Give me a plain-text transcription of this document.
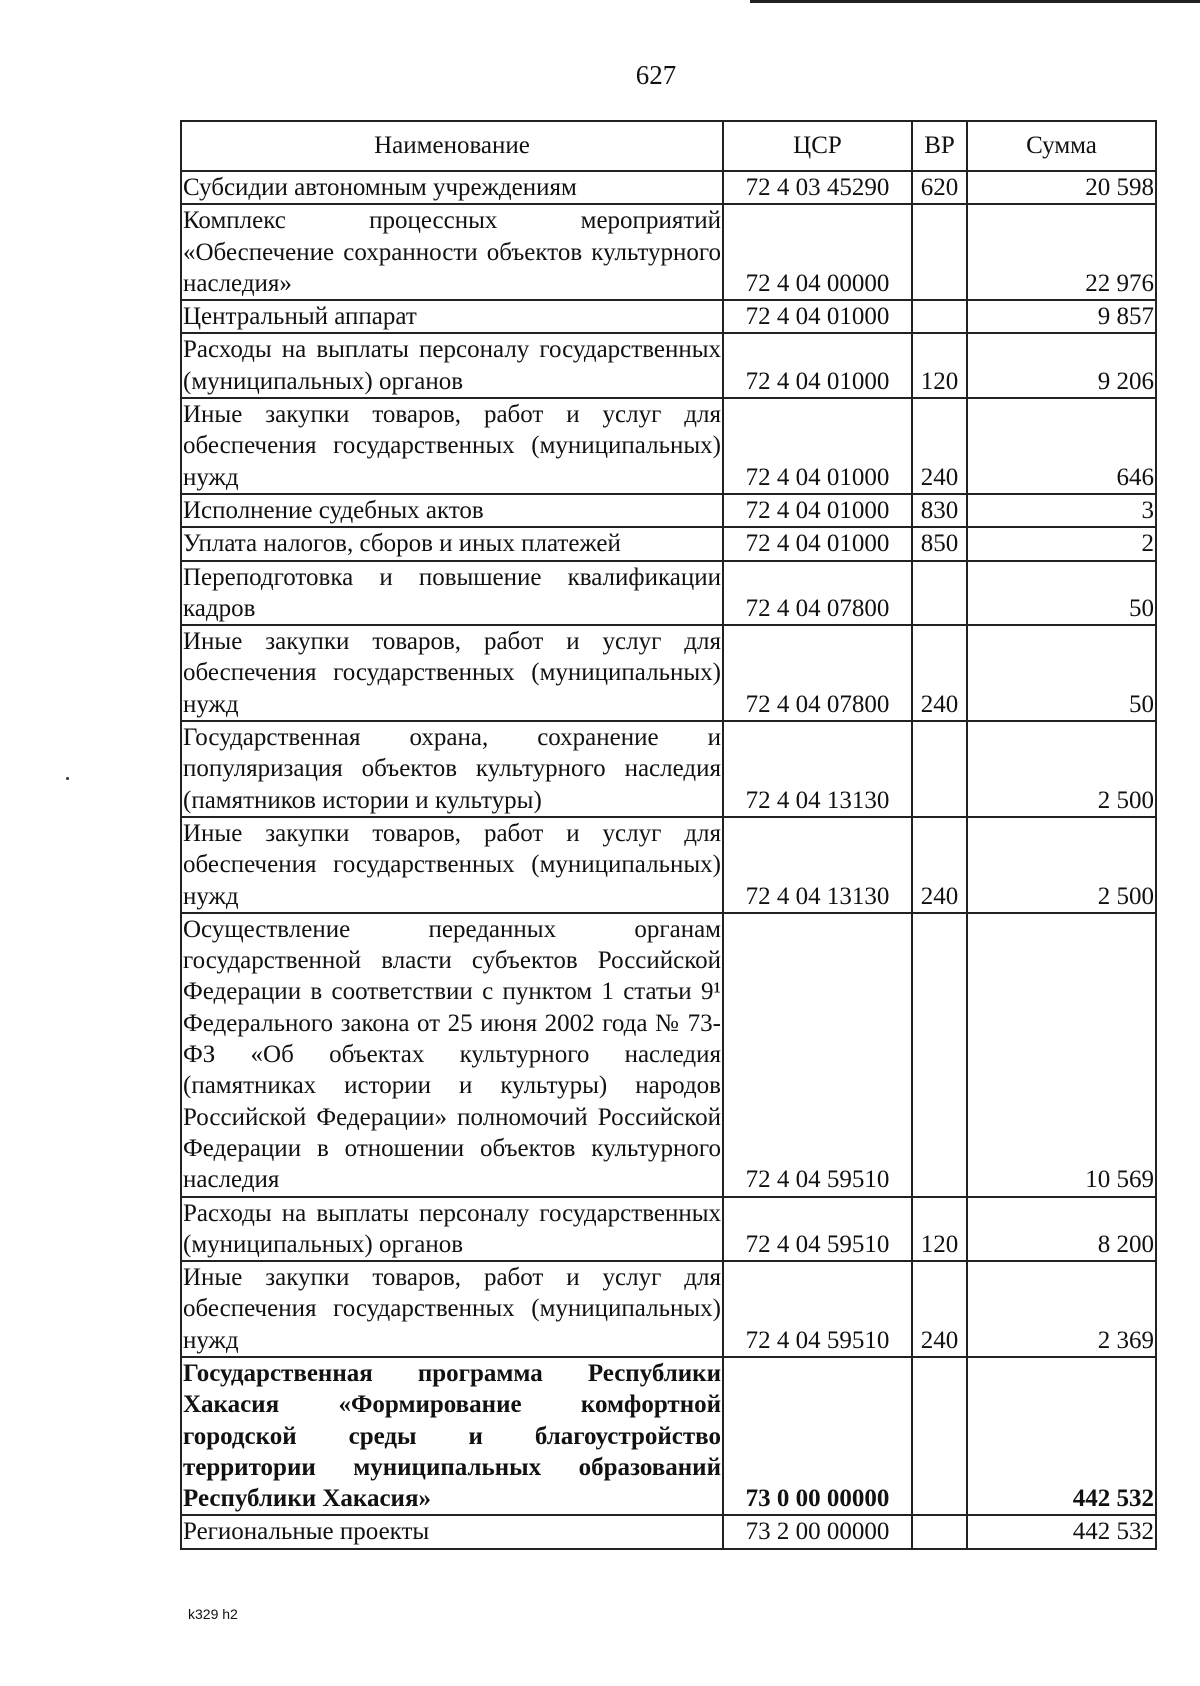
627
Наименование	ЦСР	ВР	Сумма
Субсидии автономным учреждениям	72 4 03 45290	620	20 598
Комплекс процессных мероприятий «Обеспечение сохранности объектов культурного наследия»	72 4 04 00000		22 976
Центральный аппарат	72 4 04 01000		9 857
Расходы на выплаты персоналу государственных (муниципальных) органов	72 4 04 01000	120	9 206
Иные закупки товаров, работ и услуг для обеспечения государственных (муниципальных) нужд	72 4 04 01000	240	646
Исполнение судебных актов	72 4 04 01000	830	3
Уплата налогов, сборов и иных платежей	72 4 04 01000	850	2
Переподготовка и повышение квалификации кадров	72 4 04 07800		50
Иные закупки товаров, работ и услуг для обеспечения государственных (муниципальных) нужд	72 4 04 07800	240	50
Государственная охрана, сохранение и популяризация объектов культурного наследия (памятников истории и культуры)	72 4 04 13130		2 500
Иные закупки товаров, работ и услуг для обеспечения государственных (муниципальных) нужд	72 4 04 13130	240	2 500
Осуществление переданных органам государственной власти субъектов Российской Федерации в соответствии с пунктом 1 статьи 9¹ Федерального закона от 25 июня 2002 года № 73-ФЗ «Об объектах культурного наследия (памятниках истории и культуры) народов Российской Федерации» полномочий Российской Федерации в отношении объектов культурного наследия	72 4 04 59510		10 569
Расходы на выплаты персоналу государственных (муниципальных) органов	72 4 04 59510	120	8 200
Иные закупки товаров, работ и услуг для обеспечения государственных (муниципальных) нужд	72 4 04 59510	240	2 369
Государственная программа Республики Хакасия «Формирование комфортной городской среды и благоустройство территории муниципальных образований Республики Хакасия»	73 0 00 00000		442 532
Региональные проекты	73 2 00 00000		442 532
k329 h2
